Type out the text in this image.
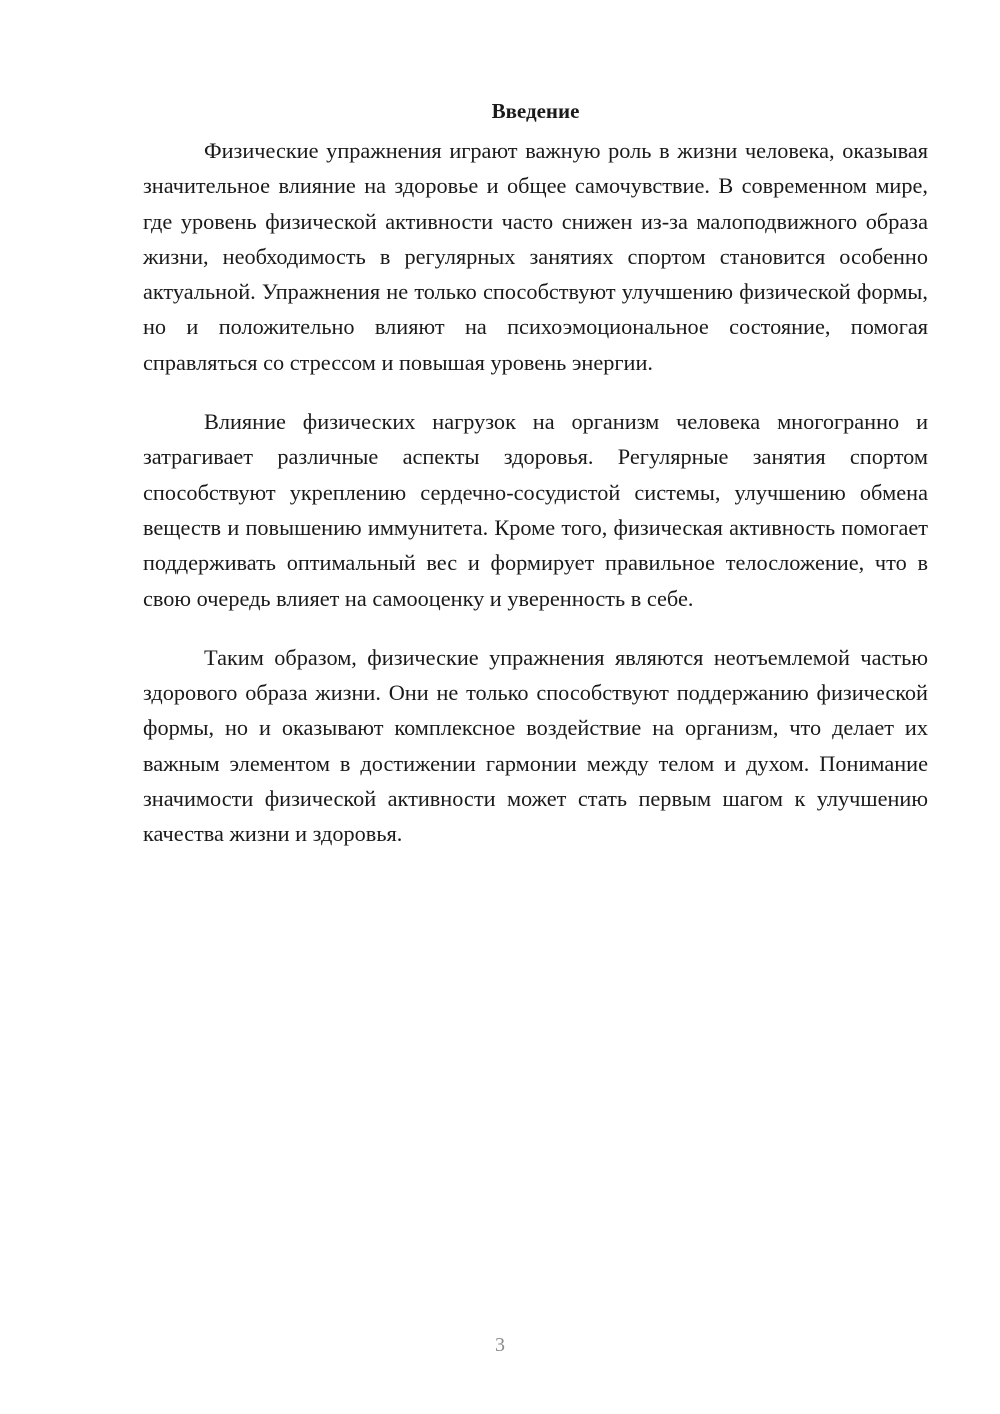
Введение

Физические упражнения играют важную роль в жизни человека, оказывая значительное влияние на здоровье и общее самочувствие. В современном мире, где уровень физической активности часто снижен из-за малоподвижного образа жизни, необходимость в регулярных занятиях спортом становится особенно актуальной. Упражнения не только способствуют улучшению физической формы, но и положительно влияют на психоэмоциональное состояние, помогая справляться со стрессом и повышая уровень энергии.

Влияние физических нагрузок на организм человека многогранно и затрагивает различные аспекты здоровья. Регулярные занятия спортом способствуют укреплению сердечно-сосудистой системы, улучшению обмена веществ и повышению иммунитета. Кроме того, физическая активность помогает поддерживать оптимальный вес и формирует правильное телосложение, что в свою очередь влияет на самооценку и уверенность в себе.

Таким образом, физические упражнения являются неотъемлемой частью здорового образа жизни. Они не только способствуют поддержанию физической формы, но и оказывают комплексное воздействие на организм, что делает их важным элементом в достижении гармонии между телом и духом. Понимание значимости физической активности может стать первым шагом к улучшению качества жизни и здоровья.

3
